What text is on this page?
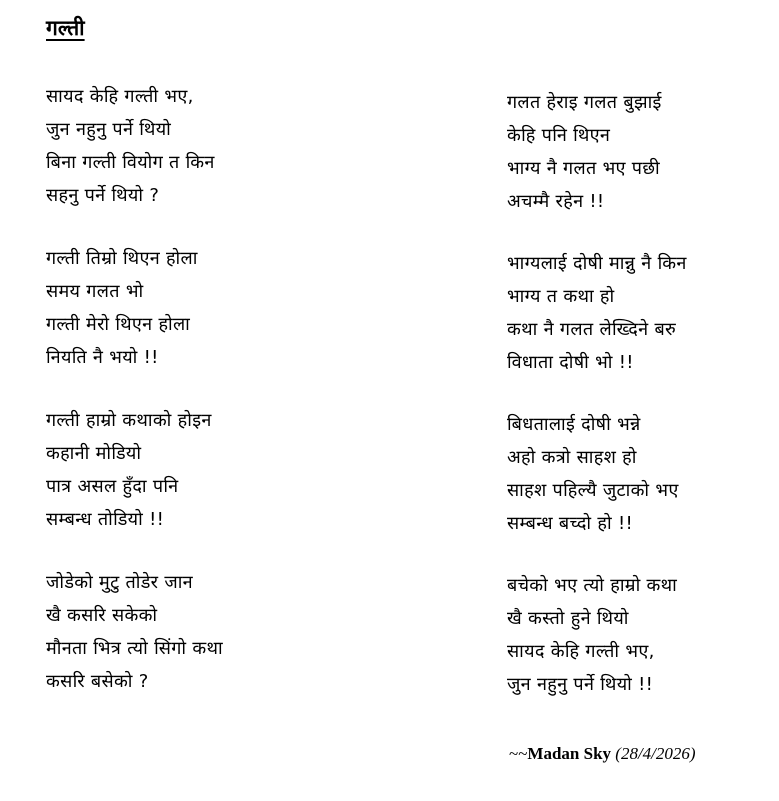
गल्ती
सायद केहि गल्ती भए,
जुन नहुनु पर्ने थियो
बिना गल्ती वियोग त किन
सहनु पर्ने थियो ?
गल्ती तिम्रो थिएन होला
समय गलत भो
गल्ती मेरो थिएन होला
नियति नै भयो !!
गल्ती हाम्रो कथाको होइन
कहानी मोडियो
पात्र असल हुँदा पनि
सम्बन्ध तोडियो !!
जोडेको मुटु तोडेर जान
खै कसरि सकेको
मौनता भित्र त्यो सिंगो कथा
कसरि बसेको ?
गलत हेराइ गलत बुझाई
केहि पनि थिएन
भाग्य नै गलत भए पछी
अचम्मै रहेन !!
भाग्यलाई दोषी मान्नु नै किन
भाग्य त कथा हो
कथा नै गलत लेख्दिने बरु
विधाता दोषी भो !!
बिधतालाई दोषी भन्ने
अहो कत्रो साहश हो
साहश पहिल्यै जुटाको भए
सम्बन्ध बच्दो हो !!
बचेको भए त्यो हाम्रो कथा
खै कस्तो हुने थियो
सायद केहि गल्ती भए,
जुन नहुनु पर्ने थियो !!
~~Madan Sky (28/4/2026)
